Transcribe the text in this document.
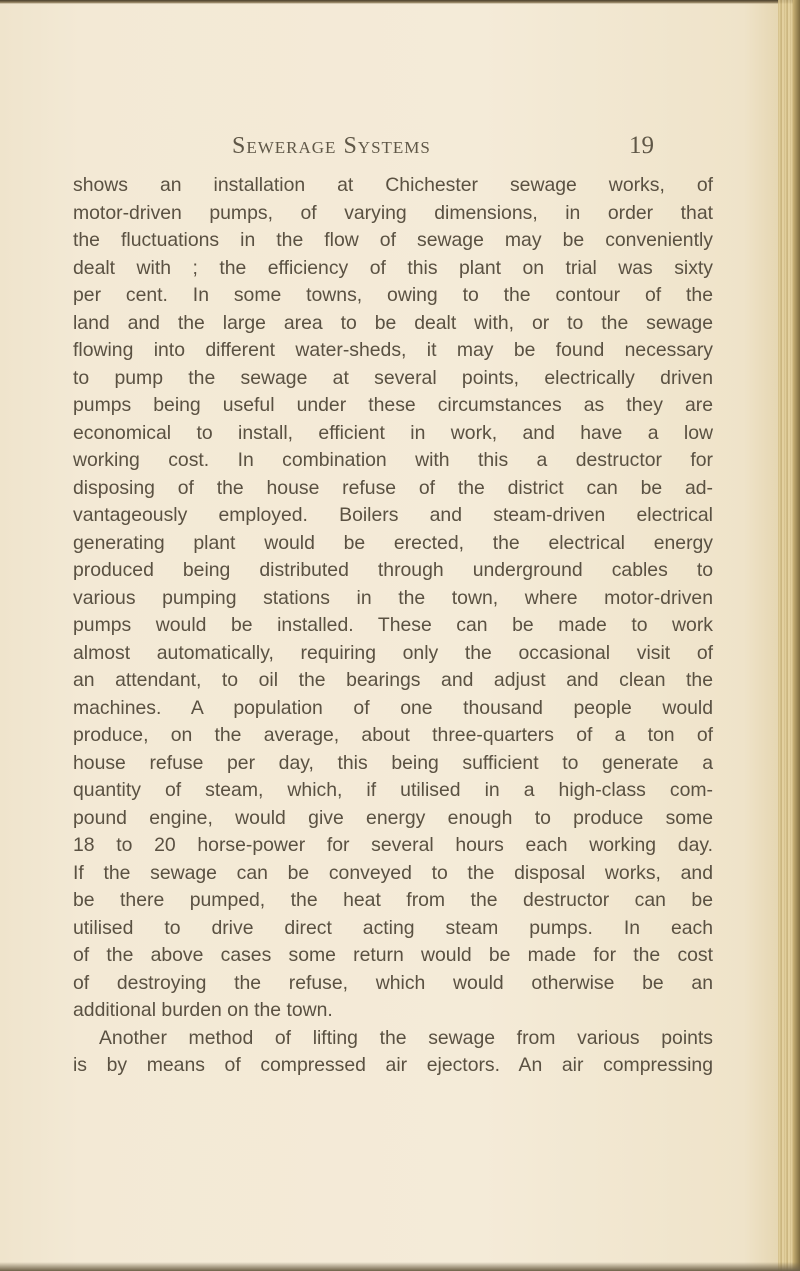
Sewerage Systems	19
shows an installation at Chichester sewage works, of
motor-driven pumps, of varying dimensions, in order that
the fluctuations in the flow of sewage may be conveniently
dealt with ; the efficiency of this plant on trial was sixty
per cent. In some towns, owing to the contour of the
land and the large area to be dealt with, or to the sewage
flowing into different water-sheds, it may be found necessary
to pump the sewage at several points, electrically driven
pumps being useful under these circumstances as they are
economical to install, efficient in work, and have a low
working cost. In combination with this a destructor for
disposing of the house refuse of the district can be ad-
vantageously employed. Boilers and steam-driven electrical
generating plant would be erected, the electrical energy
produced being distributed through underground cables to
various pumping stations in the town, where motor-driven
pumps would be installed. These can be made to work
almost automatically, requiring only the occasional visit of
an attendant, to oil the bearings and adjust and clean the
machines. A population of one thousand people would
produce, on the average, about three-quarters of a ton of
house refuse per day, this being sufficient to generate a
quantity of steam, which, if utilised in a high-class com-
pound engine, would give energy enough to produce some
18 to 20 horse-power for several hours each working day.
If the sewage can be conveyed to the disposal works, and
be there pumped, the heat from the destructor can be
utilised to drive direct acting steam pumps. In each
of the above cases some return would be made for the cost
of destroying the refuse, which would otherwise be an
additional burden on the town.
Another method of lifting the sewage from various points
is by means of compressed air ejectors. An air compressing
